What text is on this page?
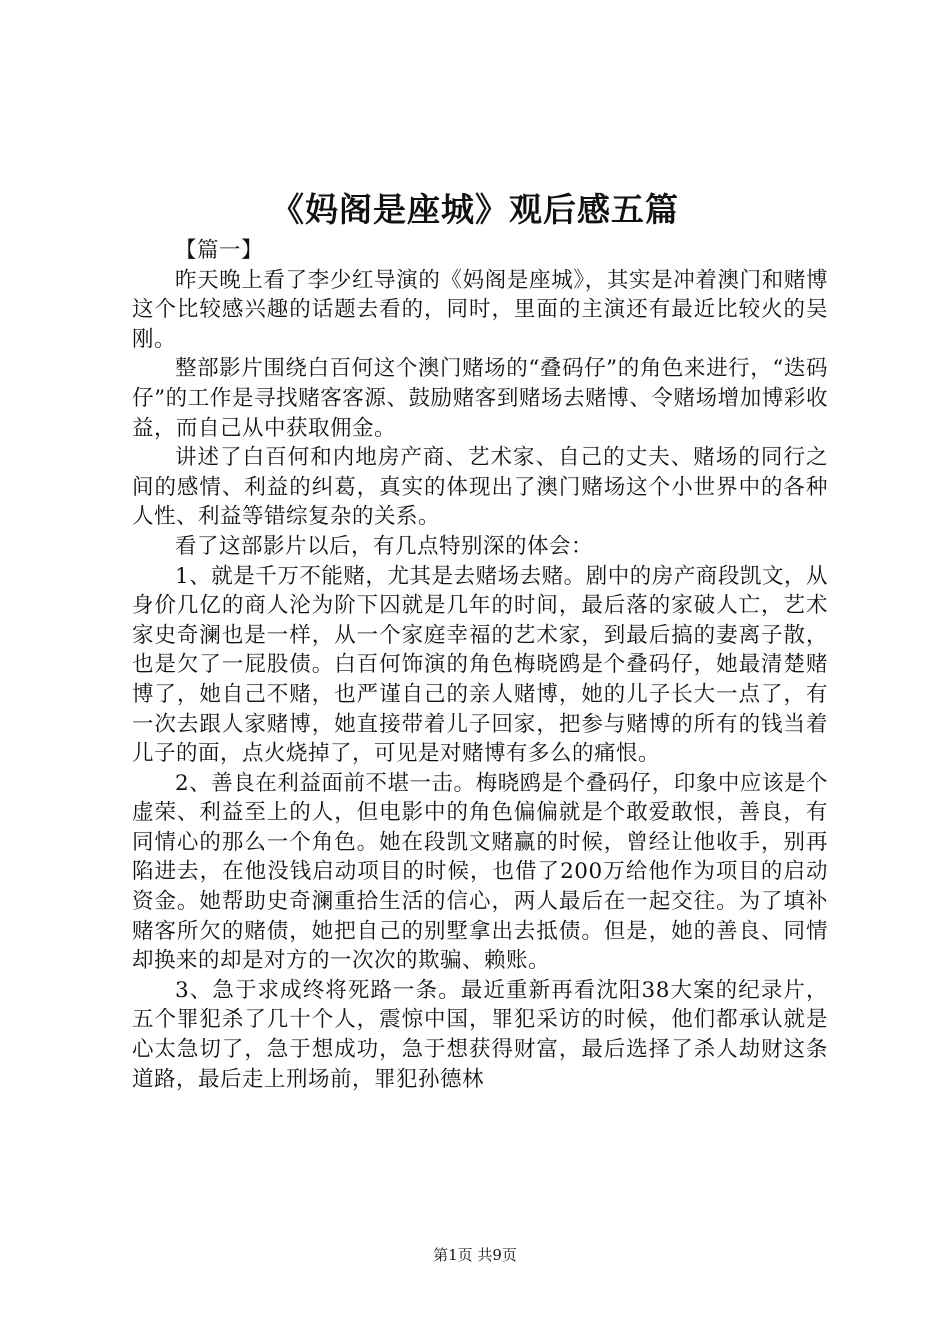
《妈阁是座城》观后感五篇

【篇一】

昨天晚上看了李少红导演的《妈阁是座城》，其实是冲着澳门和赌博这个比较感兴趣的话题去看的，同时，里面的主演还有最近比较火的吴刚。

整部影片围绕白百何这个澳门赌场的“叠码仔”的角色来进行，“迭码仔”的工作是寻找赌客客源、鼓励赌客到赌场去赌博、令赌场增加博彩收益，而自己从中获取佣金。

讲述了白百何和内地房产商、艺术家、自己的丈夫、赌场的同行之间的感情、利益的纠葛，真实的体现出了澳门赌场这个小世界中的各种人性、利益等错综复杂的关系。

看了这部影片以后，有几点特别深的体会：

1、就是千万不能赌，尤其是去赌场去赌。剧中的房产商段凯文，从身价几亿的商人沦为阶下囚就是几年的时间，最后落的家破人亡，艺术家史奇澜也是一样，从一个家庭幸福的艺术家，到最后搞的妻离子散，也是欠了一屁股债。白百何饰演的角色梅晓鸥是个叠码仔，她最清楚赌博了，她自己不赌，也严谨自己的亲人赌博，她的儿子长大一点了，有一次去跟人家赌博，她直接带着儿子回家，把参与赌博的所有的钱当着儿子的面，点火烧掉了，可见是对赌博有多么的痛恨。

2、善良在利益面前不堪一击。梅晓鸥是个叠码仔，印象中应该是个虚荣、利益至上的人，但电影中的角色偏偏就是个敢爱敢恨，善良，有同情心的那么一个角色。她在段凯文赌赢的时候，曾经让他收手，别再陷进去，在他没钱启动项目的时候，也借了200万给他作为项目的启动资金。她帮助史奇澜重拾生活的信心，两人最后在一起交往。为了填补赌客所欠的赌债，她把自己的别墅拿出去抵债。但是，她的善良、同情却换来的却是对方的一次次的欺骗、赖账。

3、急于求成终将死路一条。最近重新再看沈阳38大案的纪录片，五个罪犯杀了几十个人，震惊中国，罪犯采访的时候，他们都承认就是心太急切了，急于想成功，急于想获得财富，最后选择了杀人劫财这条道路，最后走上刑场前，罪犯孙德林

第1页 共9页
